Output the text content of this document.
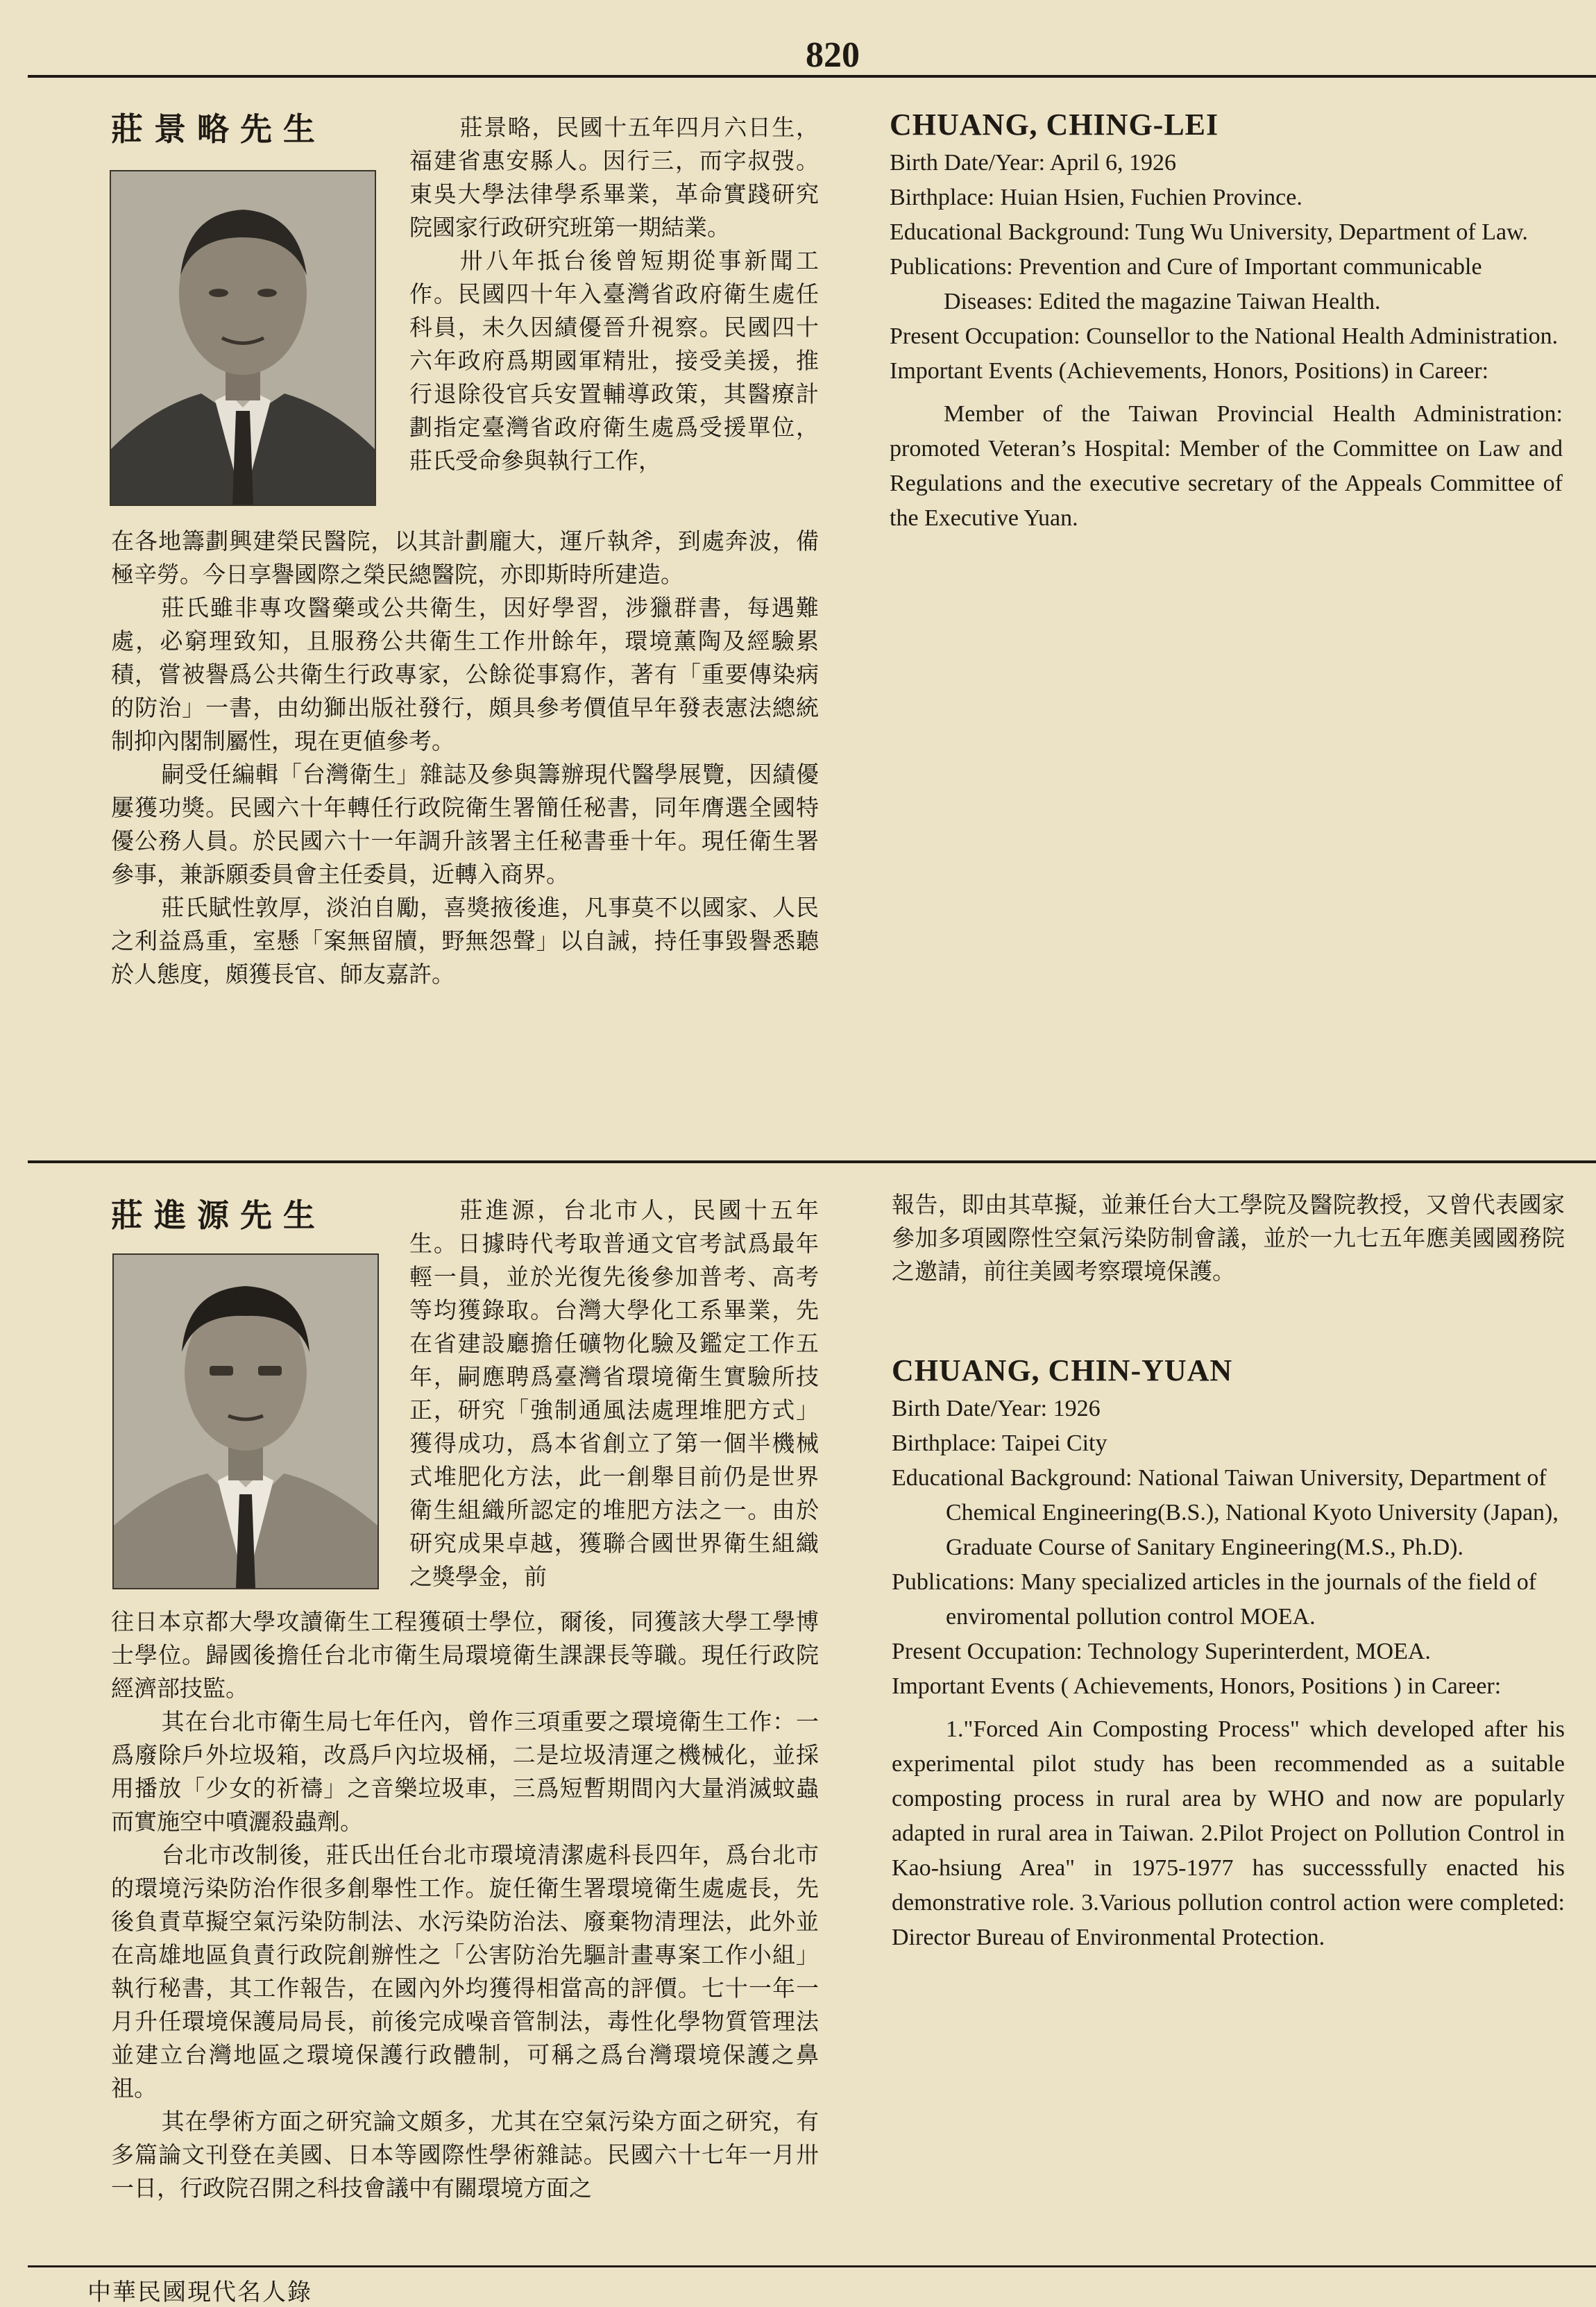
820
莊景略先生	莊景略，民國十五年四月六日生，福建省惠安縣人。因行三，而字叔弢。東吳大學法律學系畢業，革命實踐研究院國家行政研究班第一期結業。

卅八年抵台後曾短期從事新聞工作。民國四十年入臺灣省政府衛生處任科員，未久因績優晉升視察。民國四十六年政府爲期國軍精壯，接受美援，推行退除役官兵安置輔導政策，其醫療計劃指定臺灣省政府衛生處爲受援單位，莊氏受命參與執行工作，

在各地籌劃興建榮民醫院，以其計劃龐大，運斤執斧，到處奔波，備極辛勞。今日享譽國際之榮民總醫院，亦即斯時所建造。

莊氏雖非專攻醫藥或公共衛生，因好學習，涉獵群書，每遇難處，必窮理致知，且服務公共衛生工作卅餘年，環境薰陶及經驗累積，嘗被譽爲公共衛生行政專家，公餘從事寫作，著有「重要傳染病的防治」一書，由幼獅出版社發行，頗具參考價值早年發表憲法總統制抑內閣制屬性，現在更値參考。

嗣受任編輯「台灣衛生」雜誌及參與籌辦現代醫學展覽，因績優屢獲功獎。民國六十年轉任行政院衛生署簡任秘書，同年膺選全國特優公務人員。於民國六十一年調升該署主任秘書垂十年。現任衛生署參事，兼訴願委員會主任委員，近轉入商界。

莊氏賦性敦厚，淡泊自勵，喜獎掖後進，凡事莫不以國家、人民之利益爲重，室懸「案無留牘，野無怨聲」以自誡，持任事毀譽悉聽於人態度，頗獲長官、師友嘉許。

CHUANG, CHING-LEI

Birth Date/Year: April 6, 1926

Birthplace: Huian Hsien, Fuchien Province.

Educational Background: Tung Wu University, Department of Law.

Publications: Prevention and Cure of Important communicable Diseases: Edited the magazine Taiwan Health.

Present Occupation: Counsellor to the National Health Administration.

Important Events (Achievements, Honors, Positions) in Career:

Member of the Taiwan Provincial Health Administration: promoted Veteran’s Hospital: Member of the Committee on Law and Regulations and the executive secretary of the Appeals Committee of the Executive Yuan.

莊進源先生	莊進源，台北市人，民國十五年生。日據時代考取普通文官考試爲最年輕一員，並於光復先後參加普考、高考等均獲錄取。台灣大學化工系畢業，先在省建設廳擔任礦物化驗及鑑定工作五年，嗣應聘爲臺灣省環境衛生實驗所技正，研究「強制通風法處理堆肥方式」獲得成功，爲本省創立了第一個半機械式堆肥化方法，此一創舉目前仍是世界衛生組織所認定的堆肥方法之一。由於研究成果卓越，獲聯合國世界衛生組織之獎學金，前

往日本京都大學攻讀衛生工程獲碩士學位，爾後，同獲該大學工學博士學位。歸國後擔任台北市衛生局環境衛生課課長等職。現任行政院經濟部技監。

其在台北市衛生局七年任內，曾作三項重要之環境衛生工作：一爲廢除戶外垃圾箱，改爲戶內垃圾桶，二是垃圾清運之機械化，並採用播放「少女的祈禱」之音樂垃圾車，三爲短暫期間內大量消滅蚊蟲而實施空中噴灑殺蟲劑。

台北市改制後，莊氏出任台北市環境清潔處科長四年，爲台北市的環境污染防治作很多創舉性工作。旋任衛生署環境衛生處處長，先後負責草擬空氣污染防制法、水污染防治法、廢棄物清理法，此外並在高雄地區負責行政院創辦性之「公害防治先驅計畫專案工作小組」執行秘書，其工作報告，在國內外均獲得相當高的評價。七十一年一月升任環境保護局局長，前後完成噪音管制法，毒性化學物質管理法並建立台灣地區之環境保護行政體制，可稱之爲台灣環境保護之鼻祖。

其在學術方面之研究論文頗多，尤其在空氣污染方面之研究，有多篇論文刊登在美國、日本等國際性學術雜誌。民國六十七年一月卅一日，行政院召開之科技會議中有關環境方面之

報告，即由其草擬，並兼任台大工學院及醫院教授，又曾代表國家參加多項國際性空氣污染防制會議，並於一九七五年應美國國務院之邀請，前往美國考察環境保護。

CHUANG, CHIN-YUAN

Birth Date/Year: 1926

Birthplace: Taipei City

Educational Background: National Taiwan University, Department of Chemical Engineering(B.S.), National Kyoto University (Japan), Graduate Course of Sanitary Engineering(M.S., Ph.D).

Publications: Many specialized articles in the journals of the field of enviromental pollution control MOEA.

Present Occupation: Technology Superinterdent, MOEA.

Important Events ( Achievements, Honors, Positions ) in Career:

1."Forced Ain Composting Process" which developed after his experimental pilot study has been recommended as a suitable composting process in rural area by WHO and now are popularly adapted in rural area in Taiwan. 2.Pilot Project on Pollution Control in Kao-hsiung Area" in 1975-1977 has successsfully enacted his demonstrative role. 3.Various pollution control action were completed: Director Bureau of Environmental Protection.

中華民國現代名人錄
